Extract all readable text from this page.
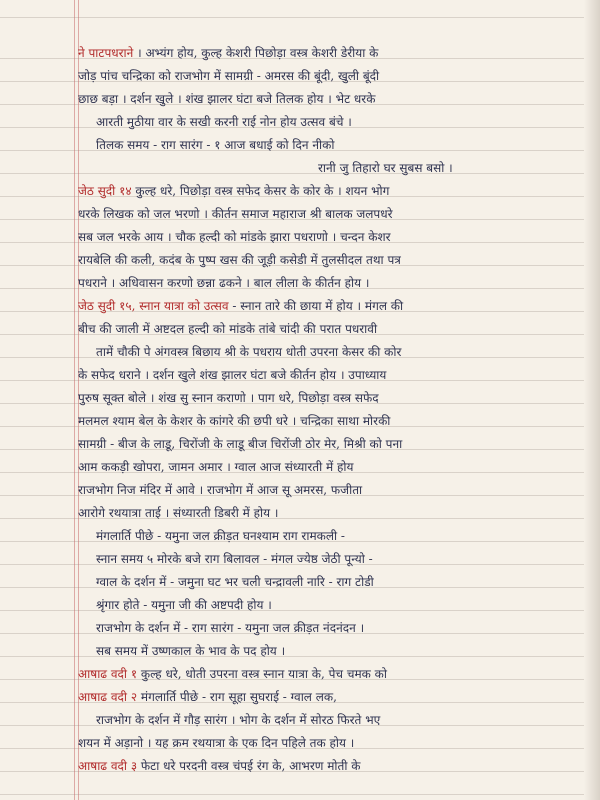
ने पाटपधराने । अभ्यंग होय, कुल्ह केशरी पिछोड़ा वस्त्र केशरी डेरीया के
जोड़ पांच चन्द्रिका को राजभोग में सामग्री - अमरस की बूंदी, खुली बूंदी
छाछ बड़ा । दर्शन खुले । शंख झालर घंटा बजे तिलक होय । भेट धरके
आरती मुठीया वार के सखी करनी राई नोन होय उत्सव बंचे ।
तिलक समय - राग सारंग - १ आज बधाई को दिन नीको
रानी जु तिहारो घर सुबस बसो ।
जेठ सुदी १४ कुल्ह धरे, पिछोड़ा वस्त्र सफेद केसर के कोर के । शयन भोग
धरके लिखक को जल भरणो । कीर्तन समाज महाराज श्री बालक जलपधरे
सब जल भरके आय । चौक हल्दी को मांडके झारा पधराणो । चन्दन केशर
रायबेलि की कली, कदंब के पुष्प खस की जूड़ी कसेडी में तुलसीदल तथा पत्र
पधराने । अधिवासन करणो छन्ना ढकने । बाल लीला के कीर्तन होय ।
जेठ सुदी १५, स्नान यात्रा को उत्सव - स्नान तारे की छाया में होय । मंगल की
बीच की जाली में अष्टदल हल्दी को मांडके तांबे चांदी की परात पधरावी
तामें चौकी पे अंगवस्त्र बिछाय श्री के पधराय धोती उपरना केसर की कोर
के सफेद धराने । दर्शन खुले शंख झालर घंटा बजे कीर्तन होय । उपाध्याय
पुरुष सूक्त बोले । शंख सु स्नान कराणो । पाग धरे, पिछोड़ा वस्त्र सफेद
मलमल श्याम बेल के केशर के कांगरे की छपी धरे । चन्द्रिका साथा मोरकी
सामग्री - बीज के लाडू, चिरोंजी के लाडू बीज चिरोंजी ठोर मेर, मिश्री को पना
आम ककड़ी खोपरा, जामन अमार । ग्वाल आज संध्यारती में होय
राजभोग निज मंदिर में आवे । राजभोग में आज सू अमरस, फजीता
आरोगे रथयात्रा ताई । संध्यारती डिबरी में होय ।
मंगलार्ति पीछे - यमुना जल क्रीड़त घनश्याम राग रामकली -
स्नान समय ५ मोरके बजे राग बिलावल - मंगल ज्येष्ठ जेठी पून्यो -
ग्वाल के दर्शन में - जमुना घट भर चली चन्द्रावली नारि - राग टोडी
श्रृंगार होते - यमुना जी की अष्टपदी होय ।
राजभोग के दर्शन में - राग सारंग - यमुना जल क्रीड़त नंदनंदन ।
सब समय में उष्णकाल के भाव के पद होय ।
आषाढ वदी १ कुल्ह धरे, धोती उपरना वस्त्र स्नान यात्रा के, पेच चमक को
आषाढ वदी २ मंगलार्ति पीछे - राग सूहा सुघराई - ग्वाल लक,
राजभोग के दर्शन में गौड़ सारंग । भोग के दर्शन में सोरठ फिरते भए
शयन में अड़ानो । यह क्रम रथयात्रा के एक दिन पहिले तक होय ।
आषाढ वदी ३ फेटा धरे परदनी वस्त्र चंपई रंग के, आभरण मोती के
